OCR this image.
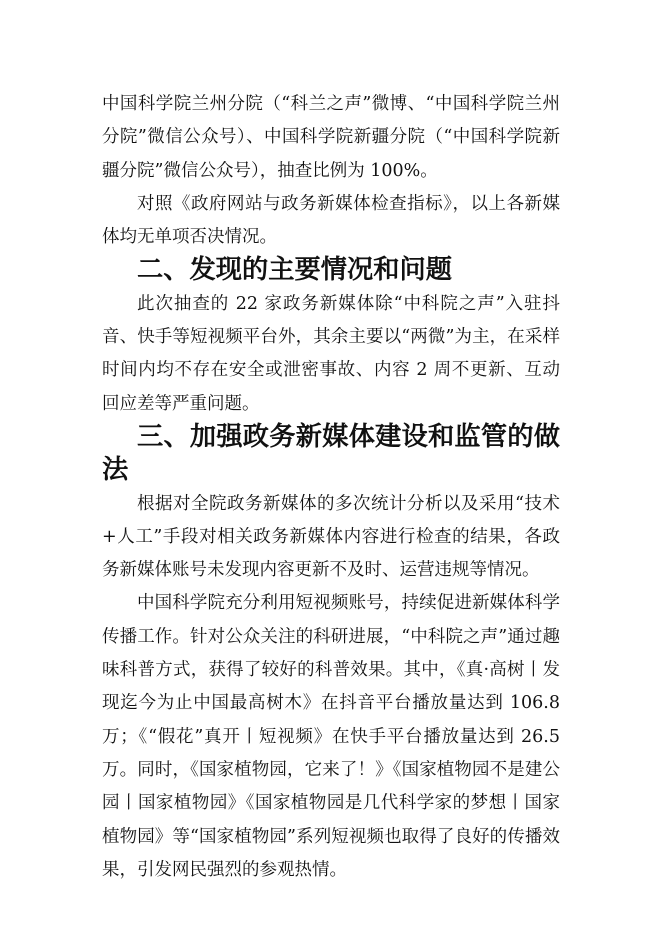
中国科学院兰州分院（“科兰之声”微博、“中国科学院兰州分院”微信公众号）、中国科学院新疆分院（“中国科学院新疆分院”微信公众号），抽查比例为 100%。

对照《政府网站与政务新媒体检查指标》，以上各新媒体均无单项否决情况。

二、发现的主要情况和问题

此次抽查的 22 家政务新媒体除“中科院之声”入驻抖音、快手等短视频平台外，其余主要以“两微”为主，在采样时间内均不存在安全或泄密事故、内容 2 周不更新、互动回应差等严重问题。

三、加强政务新媒体建设和监管的做法

根据对全院政务新媒体的多次统计分析以及采用“技术+人工”手段对相关政务新媒体内容进行检查的结果，各政务新媒体账号未发现内容更新不及时、运营违规等情况。

中国科学院充分利用短视频账号，持续促进新媒体科学传播工作。针对公众关注的科研进展，“中科院之声”通过趣味科普方式，获得了较好的科普效果。其中，《真·高树丨发现迄今为止中国最高树木》在抖音平台播放量达到 106.8 万；《“假花”真开丨短视频》在快手平台播放量达到 26.5 万。同时，《国家植物园，它来了！》《国家植物园不是建公园丨国家植物园》《国家植物园是几代科学家的梦想丨国家植物园》等“国家植物园”系列短视频也取得了良好的传播效果，引发网民强烈的参观热情。
